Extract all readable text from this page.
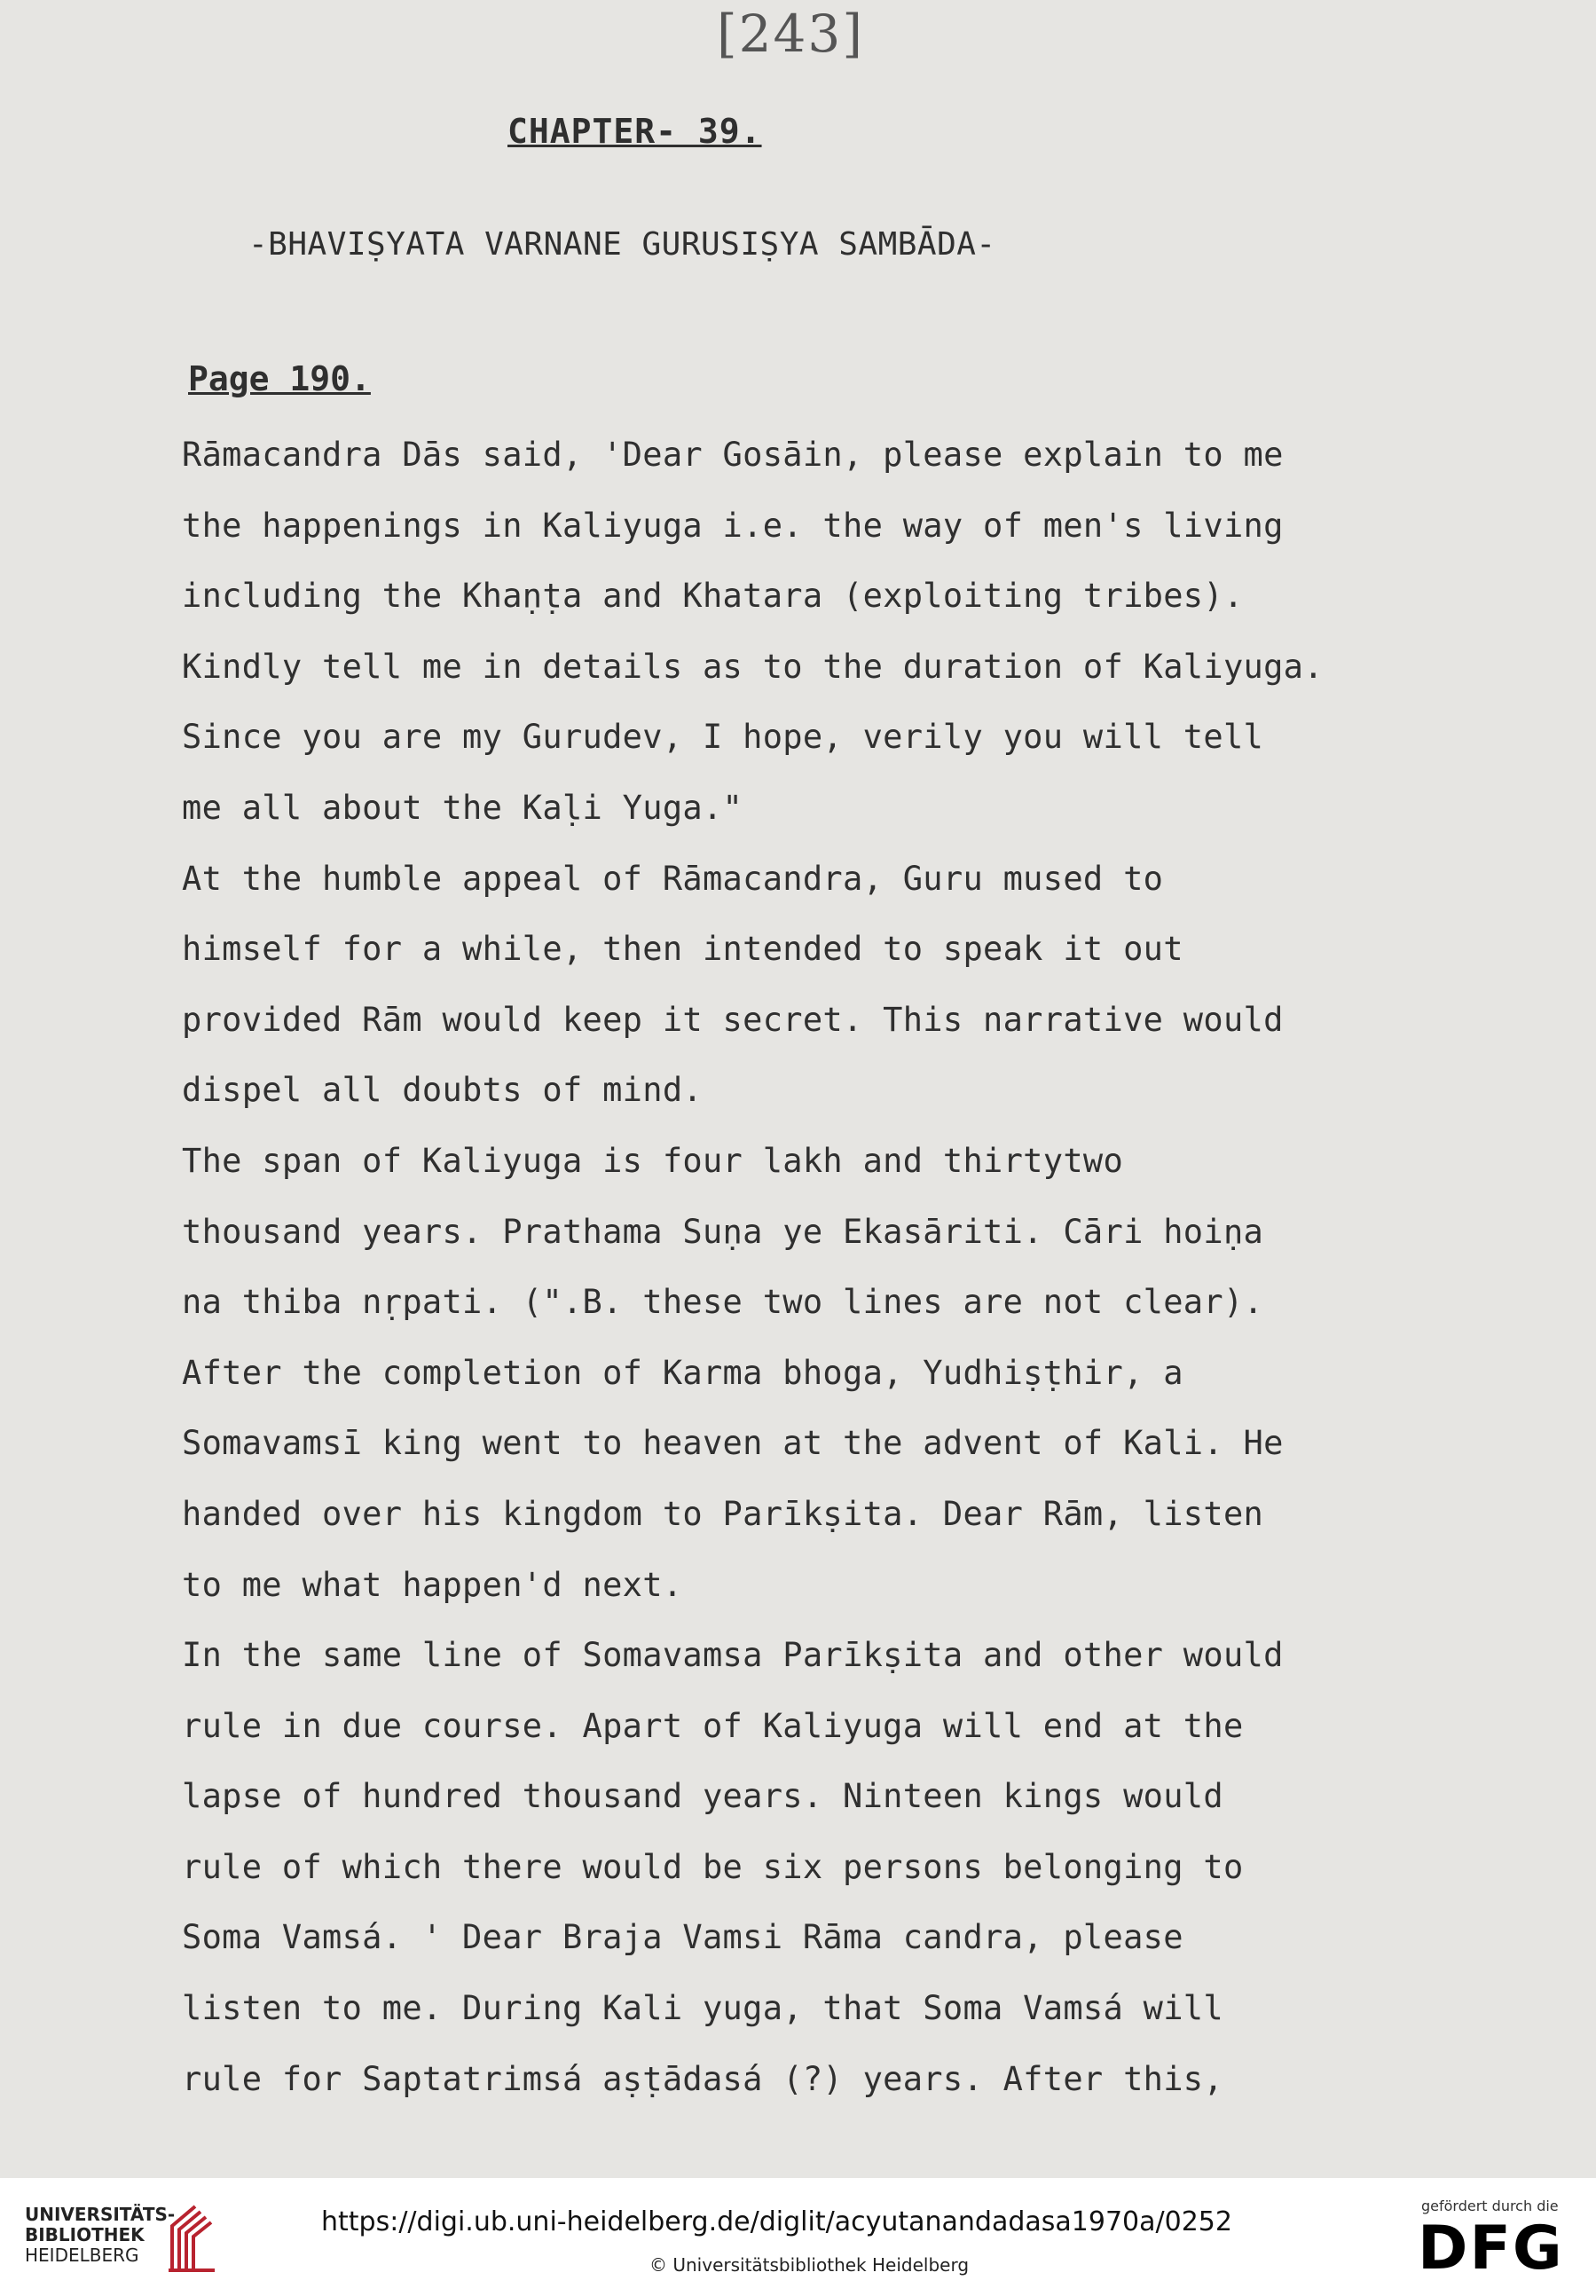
[243]
CHAPTER- 39.
-BHAVIṢYATA VARNANE GURUSIṢYA SAMBĀDA-
Page 190.
Rāmacandra Dās said, 'Dear Gosāin, please explain to me
the happenings in Kaliyuga i.e. the way of men's living
including the Khaṇṭa and Khatara (exploiting tribes).
Kindly tell me in details as to the duration of Kaliyuga.
Since you are my Gurudev, I hope, verily you will tell
me all about the Kaḷi Yuga."
At the humble appeal of Rāmacandra, Guru mused to
himself for a while, then intended to speak it out
provided Rām would keep it secret. This narrative would
dispel all doubts of mind.
The span of Kaliyuga is four lakh and thirtytwo
thousand years. Prathama Suṇa ye Ekasāriti. Cāri hoiṇa
na thiba nṛpati. (".B. these two lines are not clear).
After the completion of Karma bhoga, Yudhiṣṭhir, a
Somavamsī king went to heaven at the advent of Kali. He
handed over his kingdom to Parīkṣita. Dear Rām, listen
to me what happen'd next.
In the same line of Somavamsa Parīkṣita and other would
rule in due course. Apart of Kaliyuga will end at the
lapse of hundred thousand years. Ninteen kings would
rule of which there would be six persons belonging to
Soma Vamsá. ' Dear Braja Vamsi Rāma candra, please
listen to me. During Kali yuga, that Soma Vamsá will
rule for Saptatrimsá aṣṭādasá (?) years. After this,
UNIVERSITÄTS-
BIBLIOTHEK
HEIDELBERG
https://digi.ub.uni-heidelberg.de/diglit/acyutanandadasa1970a/0252
© Universitätsbibliothek Heidelberg
gefördert durch die
DFG
